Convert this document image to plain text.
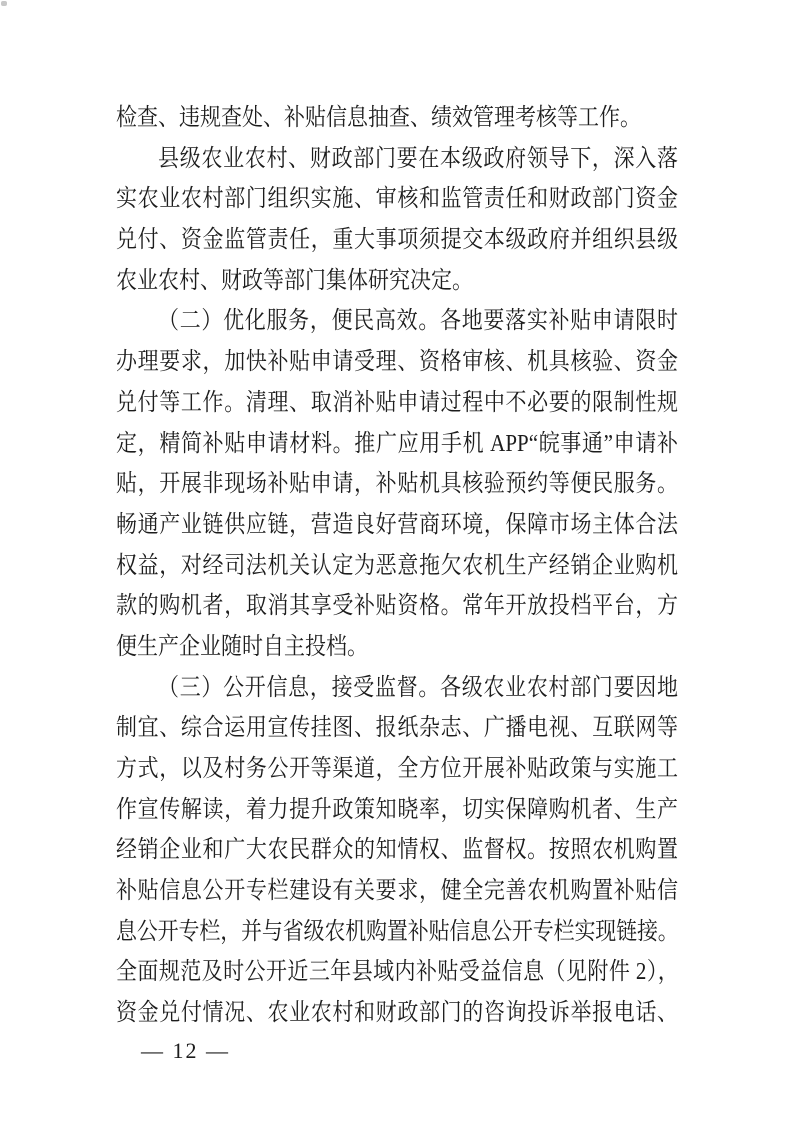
检查、违规查处、补贴信息抽查、绩效管理考核等工作。
县级农业农村、财政部门要在本级政府领导下，深入落
实农业农村部门组织实施、审核和监管责任和财政部门资金
兑付、资金监管责任，重大事项须提交本级政府并组织县级
农业农村、财政等部门集体研究决定。
（二）优化服务，便民高效。各地要落实补贴申请限时
办理要求，加快补贴申请受理、资格审核、机具核验、资金
兑付等工作。清理、取消补贴申请过程中不必要的限制性规
定，精简补贴申请材料。推广应用手机 APP“皖事通”申请补
贴，开展非现场补贴申请，补贴机具核验预约等便民服务。
畅通产业链供应链，营造良好营商环境，保障市场主体合法
权益，对经司法机关认定为恶意拖欠农机生产经销企业购机
款的购机者，取消其享受补贴资格。常年开放投档平台，方
便生产企业随时自主投档。
（三）公开信息，接受监督。各级农业农村部门要因地
制宜、综合运用宣传挂图、报纸杂志、广播电视、互联网等
方式，以及村务公开等渠道，全方位开展补贴政策与实施工
作宣传解读，着力提升政策知晓率，切实保障购机者、生产
经销企业和广大农民群众的知情权、监督权。按照农机购置
补贴信息公开专栏建设有关要求，健全完善农机购置补贴信
息公开专栏，并与省级农机购置补贴信息公开专栏实现链接。
全面规范及时公开近三年县域内补贴受益信息（见附件 2），
资金兑付情况、农业农村和财政部门的咨询投诉举报电话、
— 12 —
